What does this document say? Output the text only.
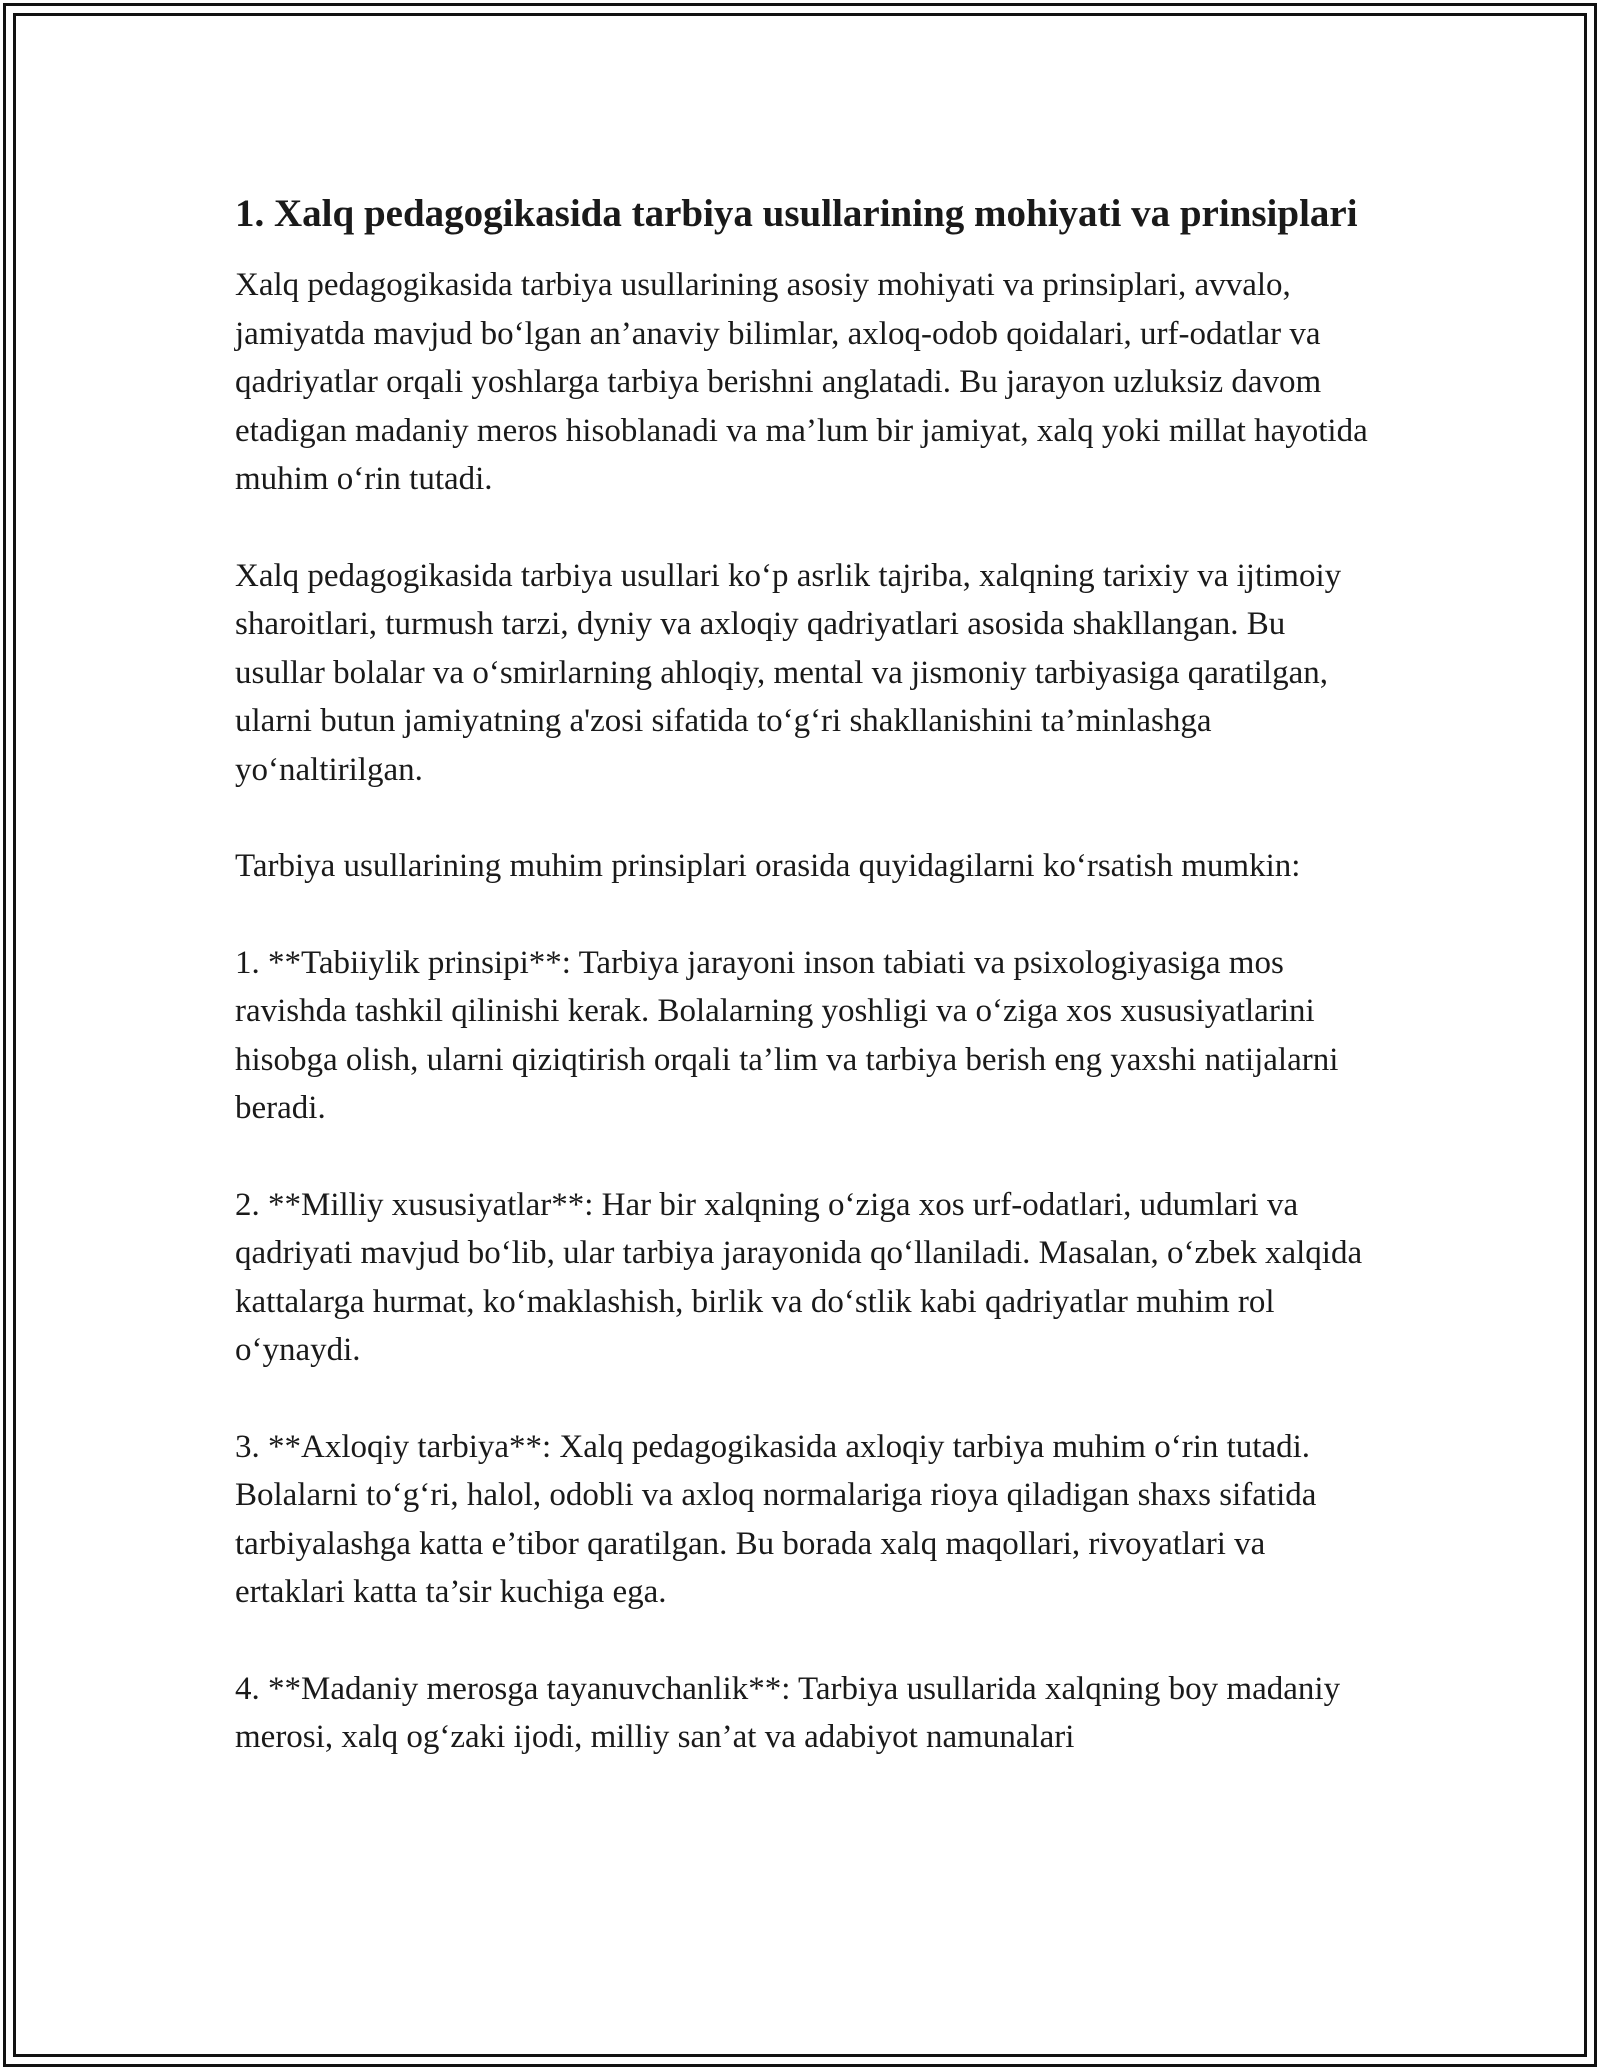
1. Xalq pedagogikasida tarbiya usullarining mohiyati va prinsiplari

Xalq pedagogikasida tarbiya usullarining asosiy mohiyati va prinsiplari, avvalo, jamiyatda mavjud bo‘lgan an’anaviy bilimlar, axloq-odob qoidalari, urf-odatlar va qadriyatlar orqali yoshlarga tarbiya berishni anglatadi. Bu jarayon uzluksiz davom etadigan madaniy meros hisoblanadi va ma’lum bir jamiyat, xalq yoki millat hayotida muhim o‘rin tutadi.

Xalq pedagogikasida tarbiya usullari ko‘p asrlik tajriba, xalqning tarixiy va ijtimoiy sharoitlari, turmush tarzi, dyniy va axloqiy qadriyatlari asosida shakllangan. Bu usullar bolalar va o‘smirlarning ahloqiy, mental va jismoniy tarbiyasiga qaratilgan, ularni butun jamiyatning a'zosi sifatida to‘g‘ri shakllanishini ta’minlashga yo‘naltirilgan.

Tarbiya usullarining muhim prinsiplari orasida quyidagilarni ko‘rsatish mumkin:

1. **Tabiiylik prinsipi**: Tarbiya jarayoni inson tabiati va psixologiyasiga mos ravishda tashkil qilinishi kerak. Bolalarning yoshligi va o‘ziga xos xususiyatlarini hisobga olish, ularni qiziqtirish orqali ta’lim va tarbiya berish eng yaxshi natijalarni beradi.

2. **Milliy xususiyatlar**: Har bir xalqning o‘ziga xos urf-odatlari, udumlari va qadriyati mavjud bo‘lib, ular tarbiya jarayonida qo‘llaniladi. Masalan, o‘zbek xalqida kattalarga hurmat, ko‘maklashish, birlik va do‘stlik kabi qadriyatlar muhim rol o‘ynaydi.

3. **Axloqiy tarbiya**: Xalq pedagogikasida axloqiy tarbiya muhim o‘rin tutadi. Bolalarni to‘g‘ri, halol, odobli va axloq normalariga rioya qiladigan shaxs sifatida tarbiyalashga katta e’tibor qaratilgan. Bu borada xalq maqollari, rivoyatlari va ertaklari katta ta’sir kuchiga ega.

4. **Madaniy merosga tayanuvchanlik**: Tarbiya usullarida xalqning boy madaniy merosi, xalq og‘zaki ijodi, milliy san’at va adabiyot namunalari
